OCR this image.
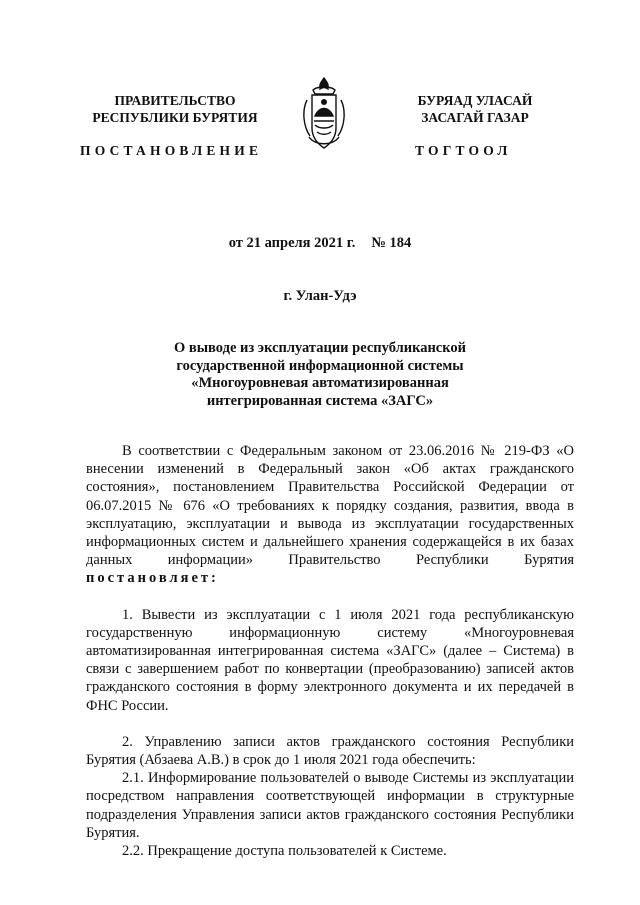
ПРАВИТЕЛЬСТВО
РЕСПУБЛИКИ БУРЯТИЯ
БУРЯАД УЛАСАЙ
ЗАСАГАЙ ГАЗАР
ПОСТАНОВЛЕНИЕ	ТОГТООЛ
от 21 апреля 2021 г. № 184
г. Улан-Удэ
О выводе из эксплуатации республиканской
государственной информационной системы
«Многоуровневая автоматизированная
интегрированная система «ЗАГС»

В соответствии с Федеральным законом от 23.06.2016 № 219-ФЗ «О внесении изменений в Федеральный закон «Об актах гражданского состояния», постановлением Правительства Российской Федерации от 06.07.2015 № 676 «О требованиях к порядку создания, развития, ввода в эксплуатацию, эксплуатации и вывода из эксплуатации государственных информационных систем и дальнейшего хранения содержащейся в их базах данных информации» Правительство Республики Бурятия постановляет:

1. Вывести из эксплуатации с 1 июля 2021 года республиканскую государственную информационную систему «Многоуровневая автоматизированная интегрированная система «ЗАГС» (далее – Система) в связи с завершением работ по конвертации (преобразованию) записей актов гражданского состояния в форму электронного документа и их передачей в ФНС России.

2. Управлению записи актов гражданского состояния Республики Бурятия (Абзаева А.В.) в срок до 1 июля 2021 года обеспечить:

2.1. Информирование пользователей о выводе Системы из эксплуатации посредством направления соответствующей информации в структурные подразделения Управления записи актов гражданского состояния Республики Бурятия.

2.2. Прекращение доступа пользователей к Системе.
